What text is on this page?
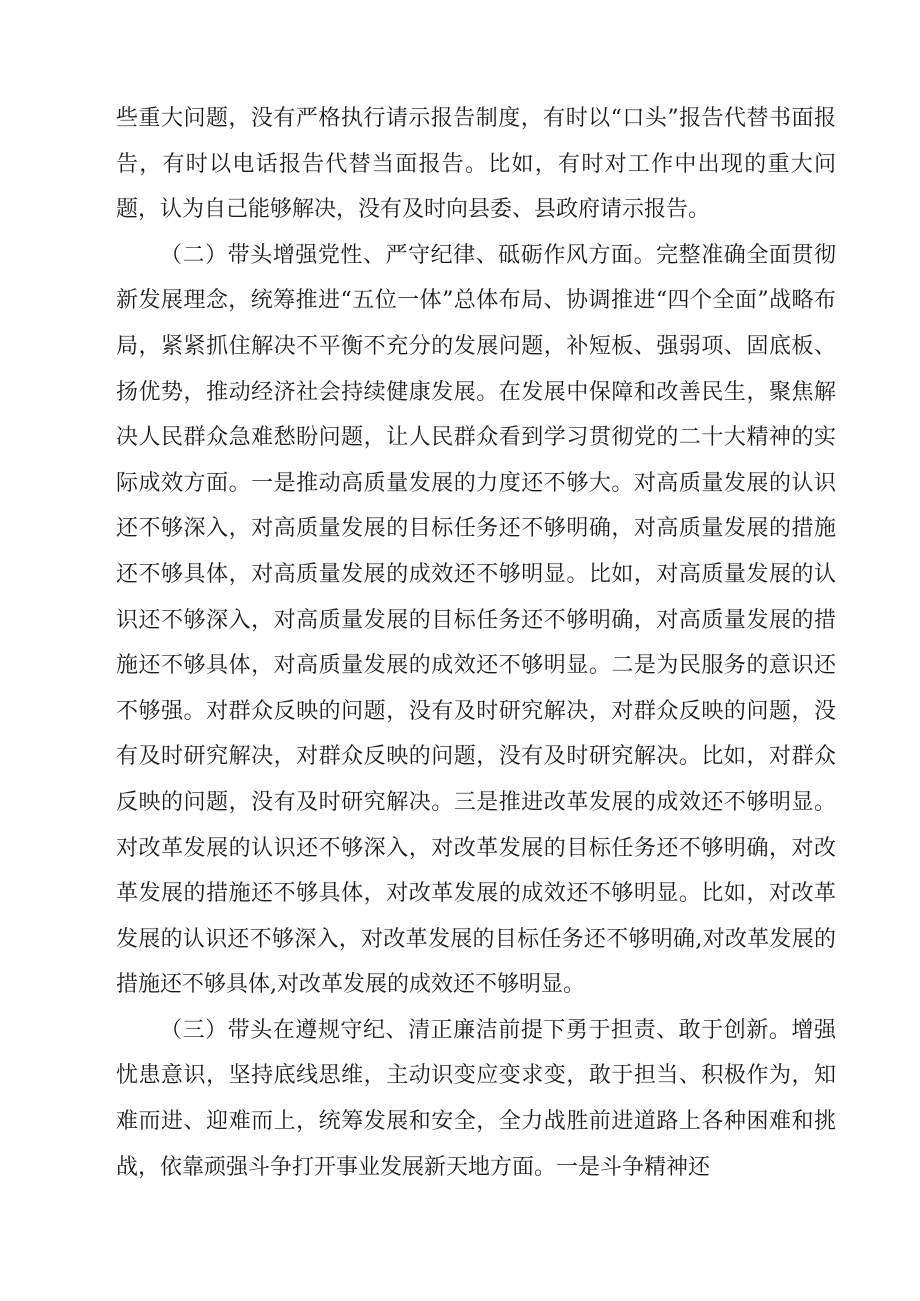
些重大问题，没有严格执行请示报告制度，有时以“口头”报告代替书面报告，有时以电话报告代替当面报告。比如，有时对工作中出现的重大问题，认为自己能够解决，没有及时向县委、县政府请示报告。

（二）带头增强党性、严守纪律、砥砺作风方面。完整准确全面贯彻新发展理念，统筹推进“五位一体”总体布局、协调推进“四个全面”战略布局，紧紧抓住解决不平衡不充分的发展问题，补短板、强弱项、固底板、扬优势，推动经济社会持续健康发展。在发展中保障和改善民生，聚焦解决人民群众急难愁盼问题，让人民群众看到学习贯彻党的二十大精神的实际成效方面。一是推动高质量发展的力度还不够大。对高质量发展的认识还不够深入，对高质量发展的目标任务还不够明确，对高质量发展的措施还不够具体，对高质量发展的成效还不够明显。比如，对高质量发展的认识还不够深入，对高质量发展的目标任务还不够明确，对高质量发展的措施还不够具体，对高质量发展的成效还不够明显。二是为民服务的意识还不够强。对群众反映的问题，没有及时研究解决，对群众反映的问题，没有及时研究解决，对群众反映的问题，没有及时研究解决。比如，对群众反映的问题，没有及时研究解决。三是推进改革发展的成效还不够明显。对改革发展的认识还不够深入，对改革发展的目标任务还不够明确，对改革发展的措施还不够具体，对改革发展的成效还不够明显。比如，对改革发展的认识还不够深入，对改革发展的目标任务还不够明确,对改革发展的措施还不够具体,对改革发展的成效还不够明显。

（三）带头在遵规守纪、清正廉洁前提下勇于担责、敢于创新。增强忧患意识，坚持底线思维，主动识变应变求变，敢于担当、积极作为，知难而进、迎难而上，统筹发展和安全，全力战胜前进道路上各种困难和挑战，依靠顽强斗争打开事业发展新天地方面。一是斗争精神还
